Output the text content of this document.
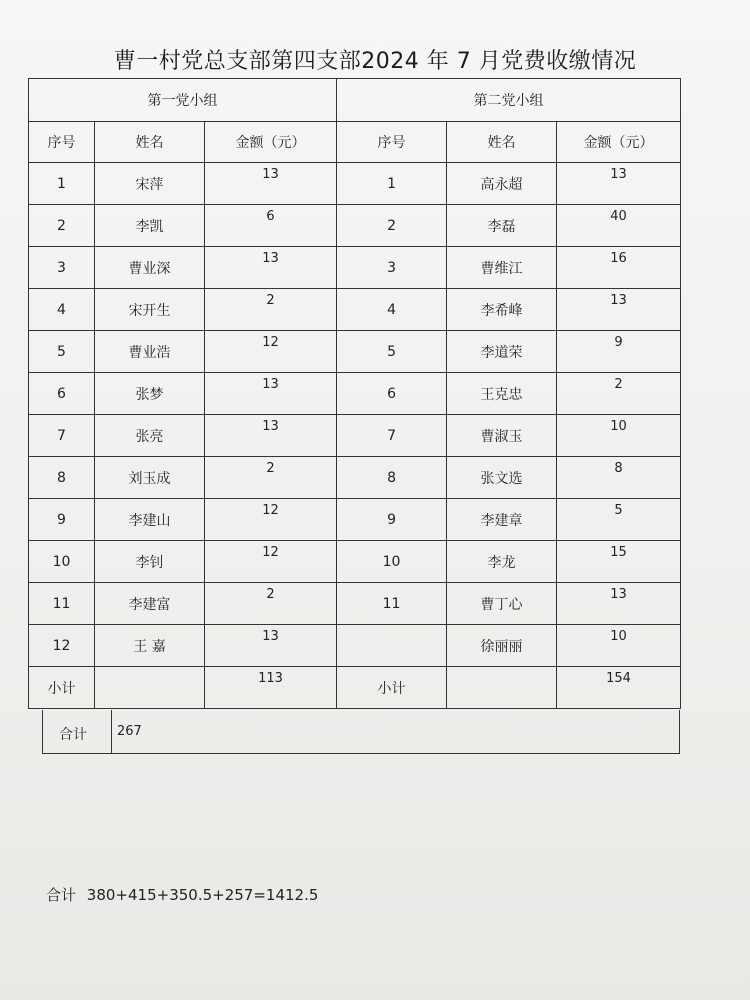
曹一村党总支部第四支部2024 年 7 月党费收缴情况
第一党小组			第二党小组		
序号	姓名	金额（元）	序号	姓名	金额（元）
1	宋萍	13	1	高永超	13

2	李凯	6	2	李磊	40

3	曹业深	13	3	曹维江	16

4	宋开生	2	4	李希峰	13

5	曹业浩	12	5	李道荣	9

6	张梦	13	6	王克忠	2

7	张亮	13	7	曹淑玉	10

8	刘玉成	2	8	张文选	8

9	李建山	12	9	李建章	5

10	李钊	12	10	李龙	15

11	李建富	2	11	曹丁心	13

12	王 嘉	13		徐丽丽	10

小计		113	小计		154
合计 267
合计 380+415+350.5+257=1412.5
